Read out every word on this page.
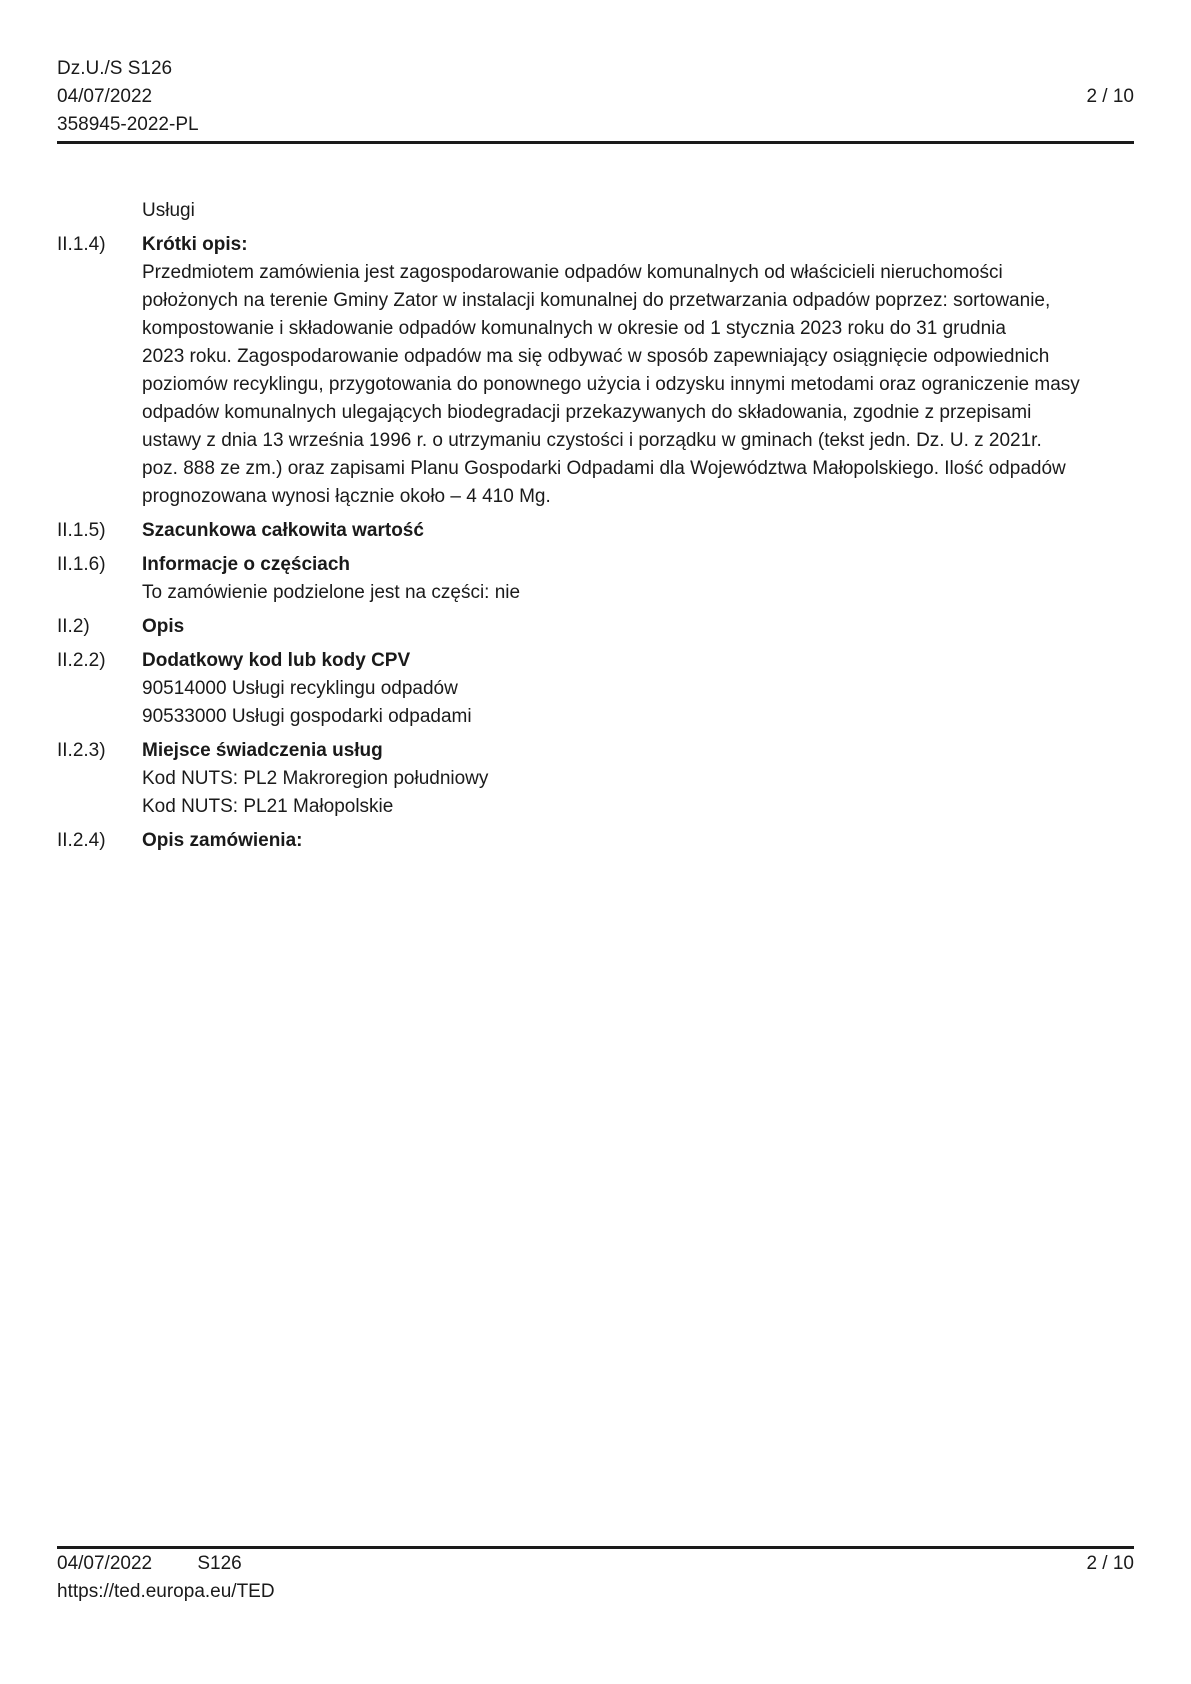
Dz.U./S S126
04/07/2022
358945-2022-PL
2 / 10
Usługi
II.1.4)	Krótki opis:
Przedmiotem zamówienia jest zagospodarowanie odpadów komunalnych od właścicieli nieruchomości
położonych na terenie Gminy Zator w instalacji komunalnej do przetwarzania odpadów poprzez: sortowanie,
kompostowanie i składowanie odpadów komunalnych w okresie od 1 stycznia 2023 roku do 31 grudnia
2023 roku. Zagospodarowanie odpadów ma się odbywać w sposób zapewniający osiągnięcie odpowiednich
poziomów recyklingu, przygotowania do ponownego użycia i odzysku innymi metodami oraz ograniczenie masy
odpadów komunalnych ulegających biodegradacji przekazywanych do składowania, zgodnie z przepisami
ustawy z dnia 13 września 1996 r. o utrzymaniu czystości i porządku w gminach (tekst jedn. Dz. U. z 2021r.
poz. 888 ze zm.) oraz zapisami Planu Gospodarki Odpadami dla Województwa Małopolskiego. Ilość odpadów
prognozowana wynosi łącznie około – 4 410 Mg.
II.1.5)	Szacunkowa całkowita wartość
II.1.6)	Informacje o częściach
To zamówienie podzielone jest na części: nie
II.2)	Opis
II.2.2)	Dodatkowy kod lub kody CPV
90514000 Usługi recyklingu odpadów
90533000 Usługi gospodarki odpadami
II.2.3)	Miejsce świadczenia usług
Kod NUTS: PL2 Makroregion południowy
Kod NUTS: PL21 Małopolskie
II.2.4)	Opis zamówienia:
04/07/2022 S126	2 / 10
https://ted.europa.eu/TED
